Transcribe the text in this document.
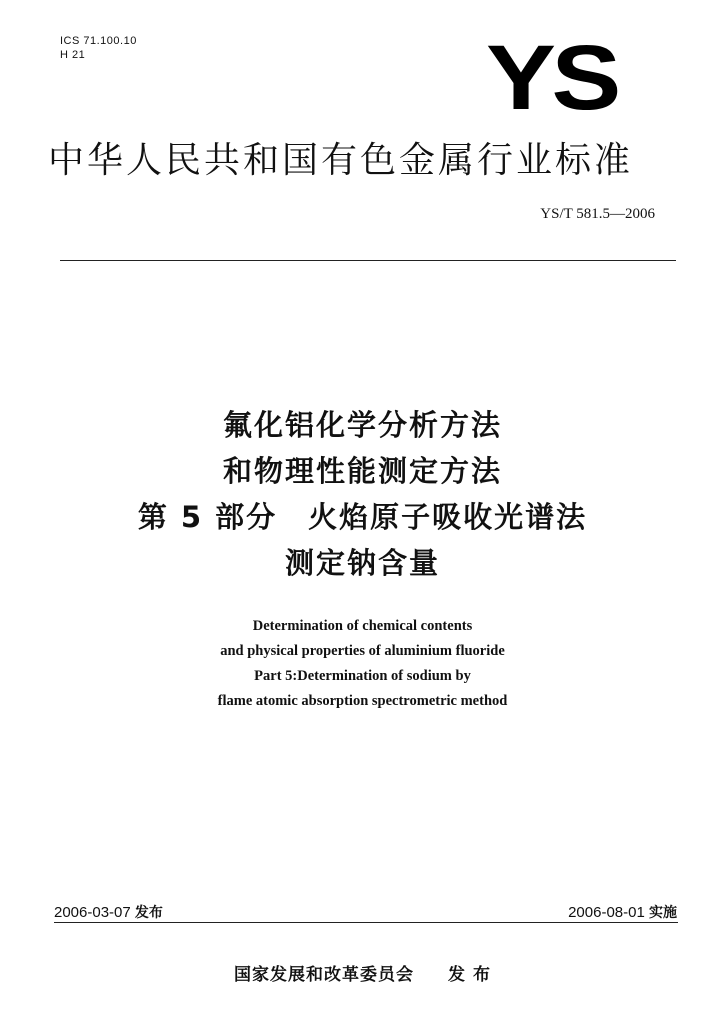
ICS 71.100.10
H 21	YS
中华人民共和国有色金属行业标准
YS/T 581.5—2006
氟化铝化学分析方法
和物理性能测定方法
第 5 部分　火焰原子吸收光谱法
测定钠含量
Determination of chemical contents
and physical properties of aluminium fluoride
Part 5:Determination of sodium by
flame atomic absorption spectrometric method
2006-03-07 发布	2006-08-01 实施
国家发展和改革委员会 发 布
